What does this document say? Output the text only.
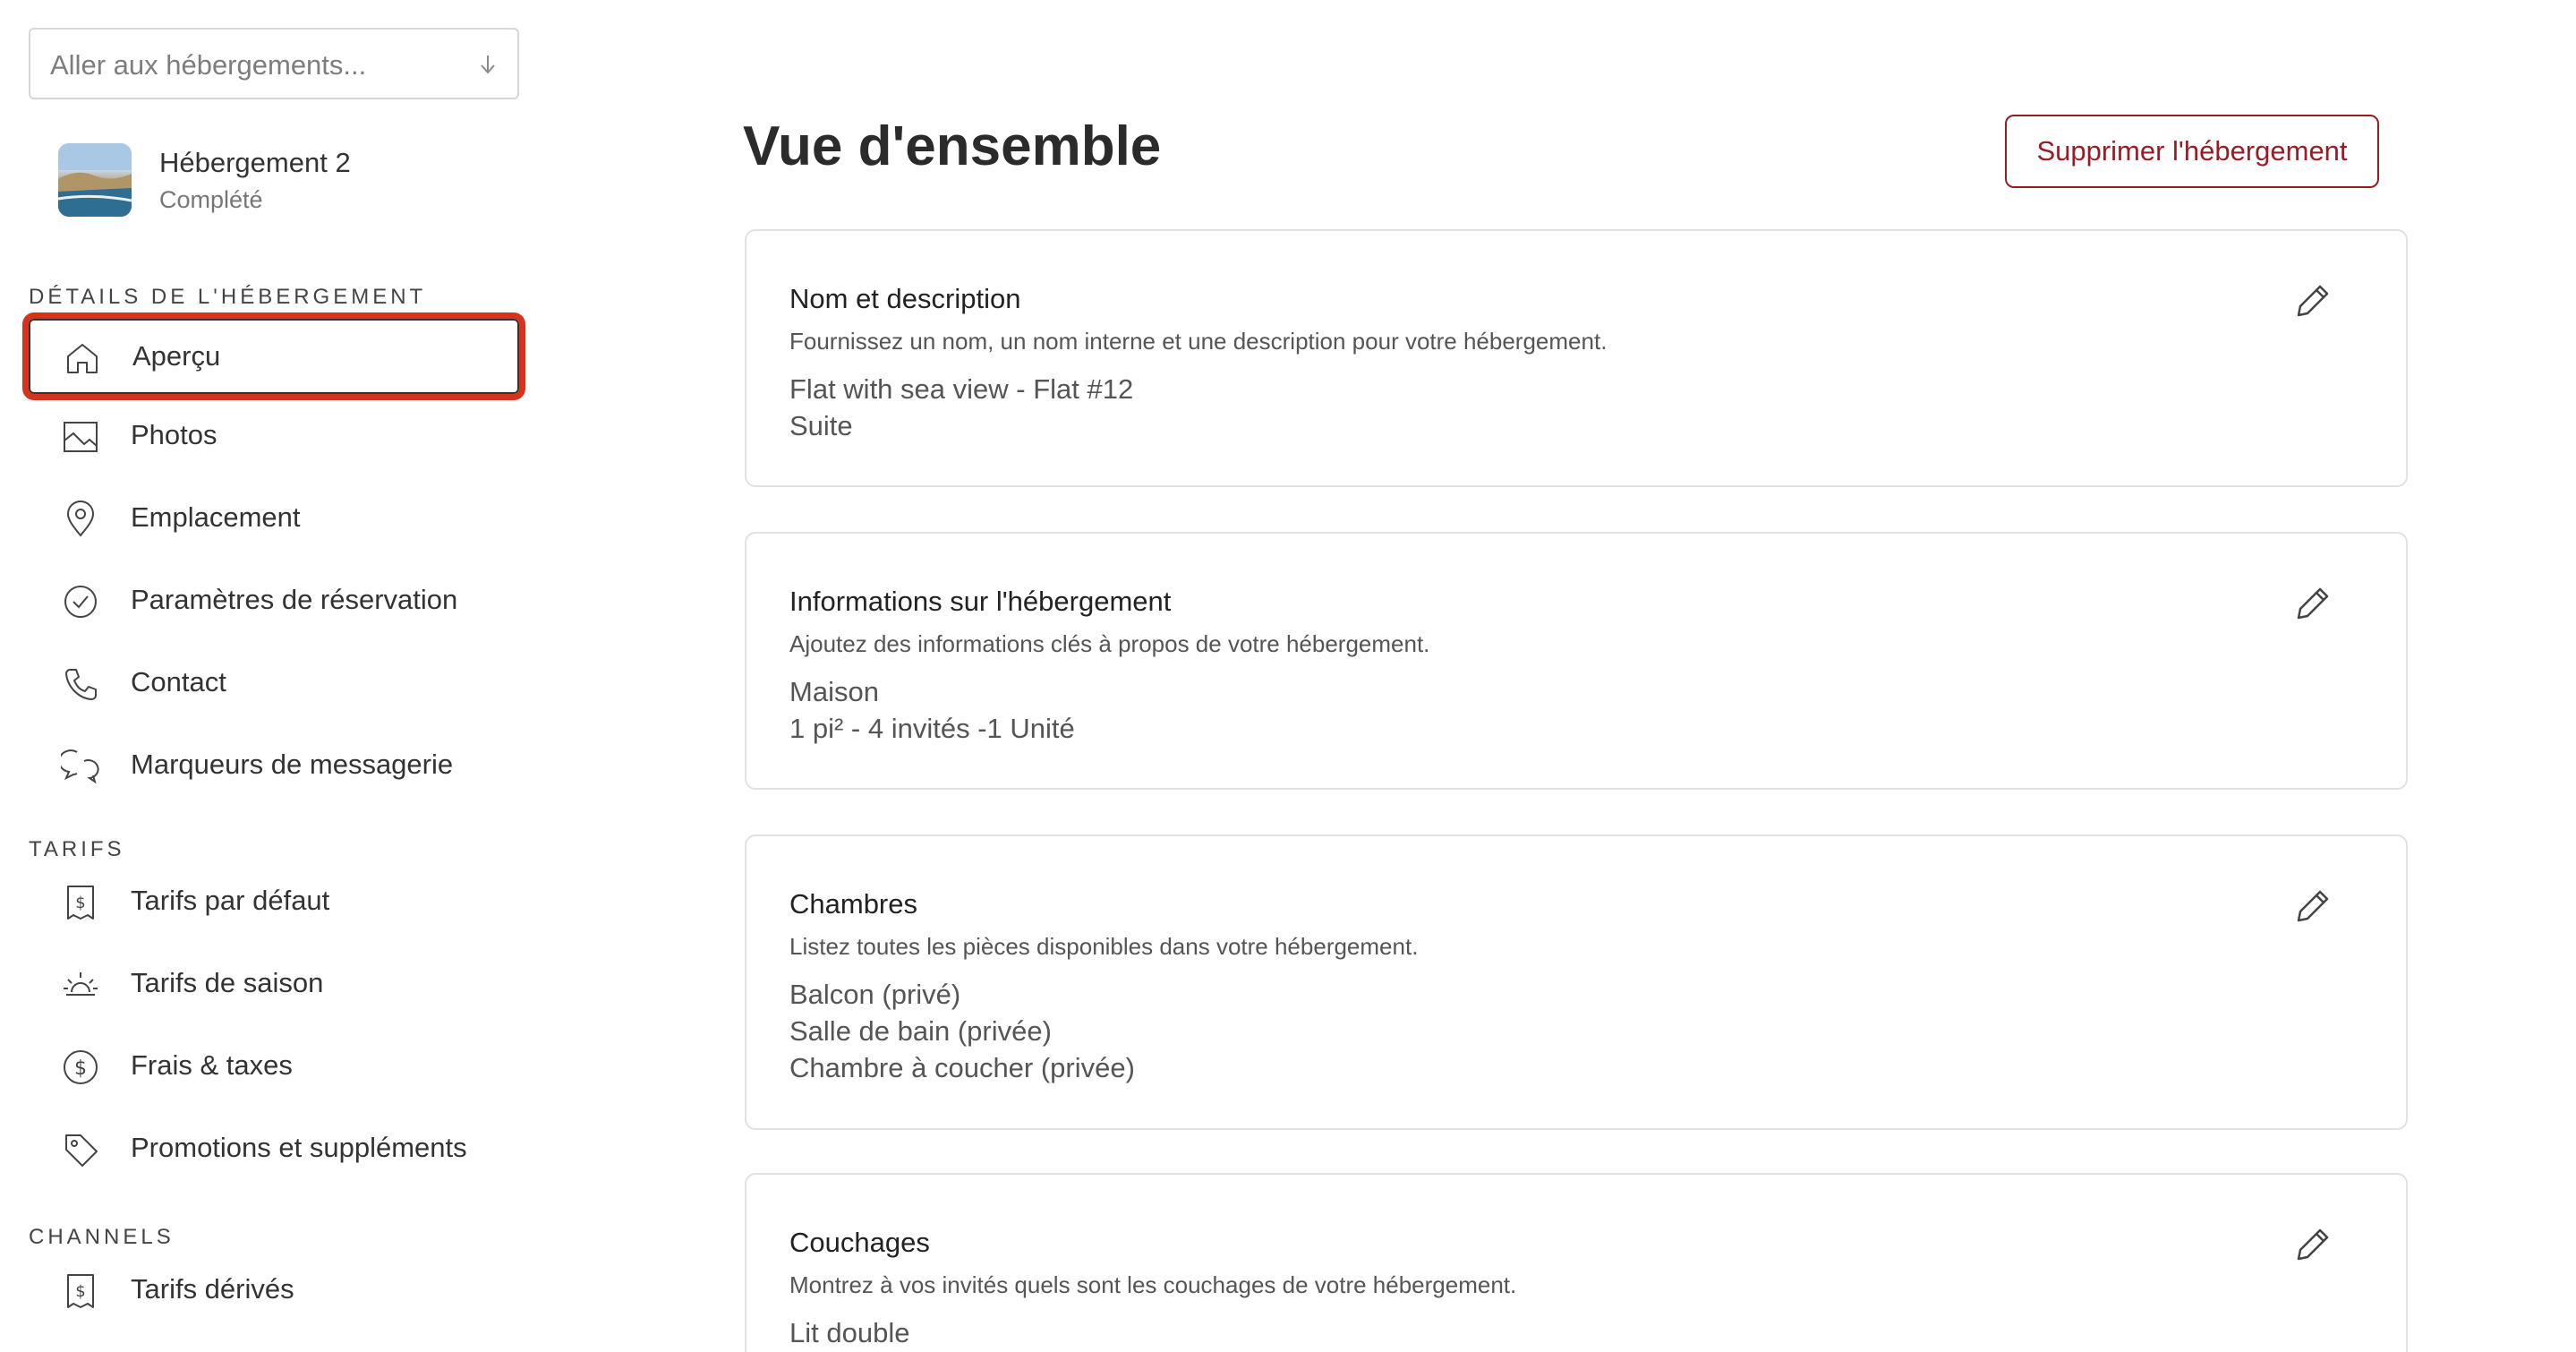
Aller aux hébergements...
Hébergement 2
Complété
DÉTAILS DE L'HÉBERGEMENT
Aperçu
Photos
Emplacement
Paramètres de réservation
Contact
Marqueurs de messagerie
TARIFS
$ Tarifs par défaut
Tarifs de saison
$ Frais & taxes
Promotions et suppléments
CHANNELS
$ Tarifs dérivés
Vue d'ensemble	Supprimer l'hébergement
Nom et description
Fournissez un nom, un nom interne et une description pour votre hébergement.
Flat with sea view - Flat #12
Suite
Informations sur l'hébergement
Ajoutez des informations clés à propos de votre hébergement.
Maison
1 pi² - 4 invités -1 Unité
Chambres
Listez toutes les pièces disponibles dans votre hébergement.
Balcon (privé)
Salle de bain (privée)
Chambre à coucher (privée)
Couchages
Montrez à vos invités quels sont les couchages de votre hébergement.
Lit double
